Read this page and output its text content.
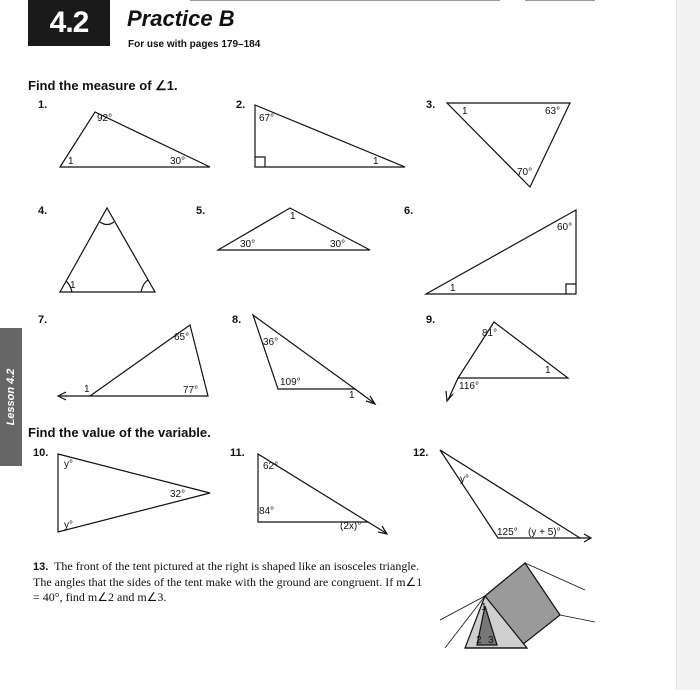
4.2	Practice B
For use with pages 179–184
Lesson 4.2
Find the measure of ∠1.
Find the value of the variable.
1.	2.	3.
4.	5.	6.
7.	8.	9.
10.	11.	12.
13. The front of the tent pictured at the right is shaped like an isosceles triangle. The angles that the sides of the tent make with the ground are congruent. If m∠1 = 40°, find m∠2 and m∠3.
92°
1	30°
67°
1
1	63°
70°
1
1
30°	30°
60°
1
65°
1	77°
36°
109°
1
81°
1
116°
y°
32°
y°
62°
84°
(2x)°
y°
125° (y + 5)°
1
2 3
